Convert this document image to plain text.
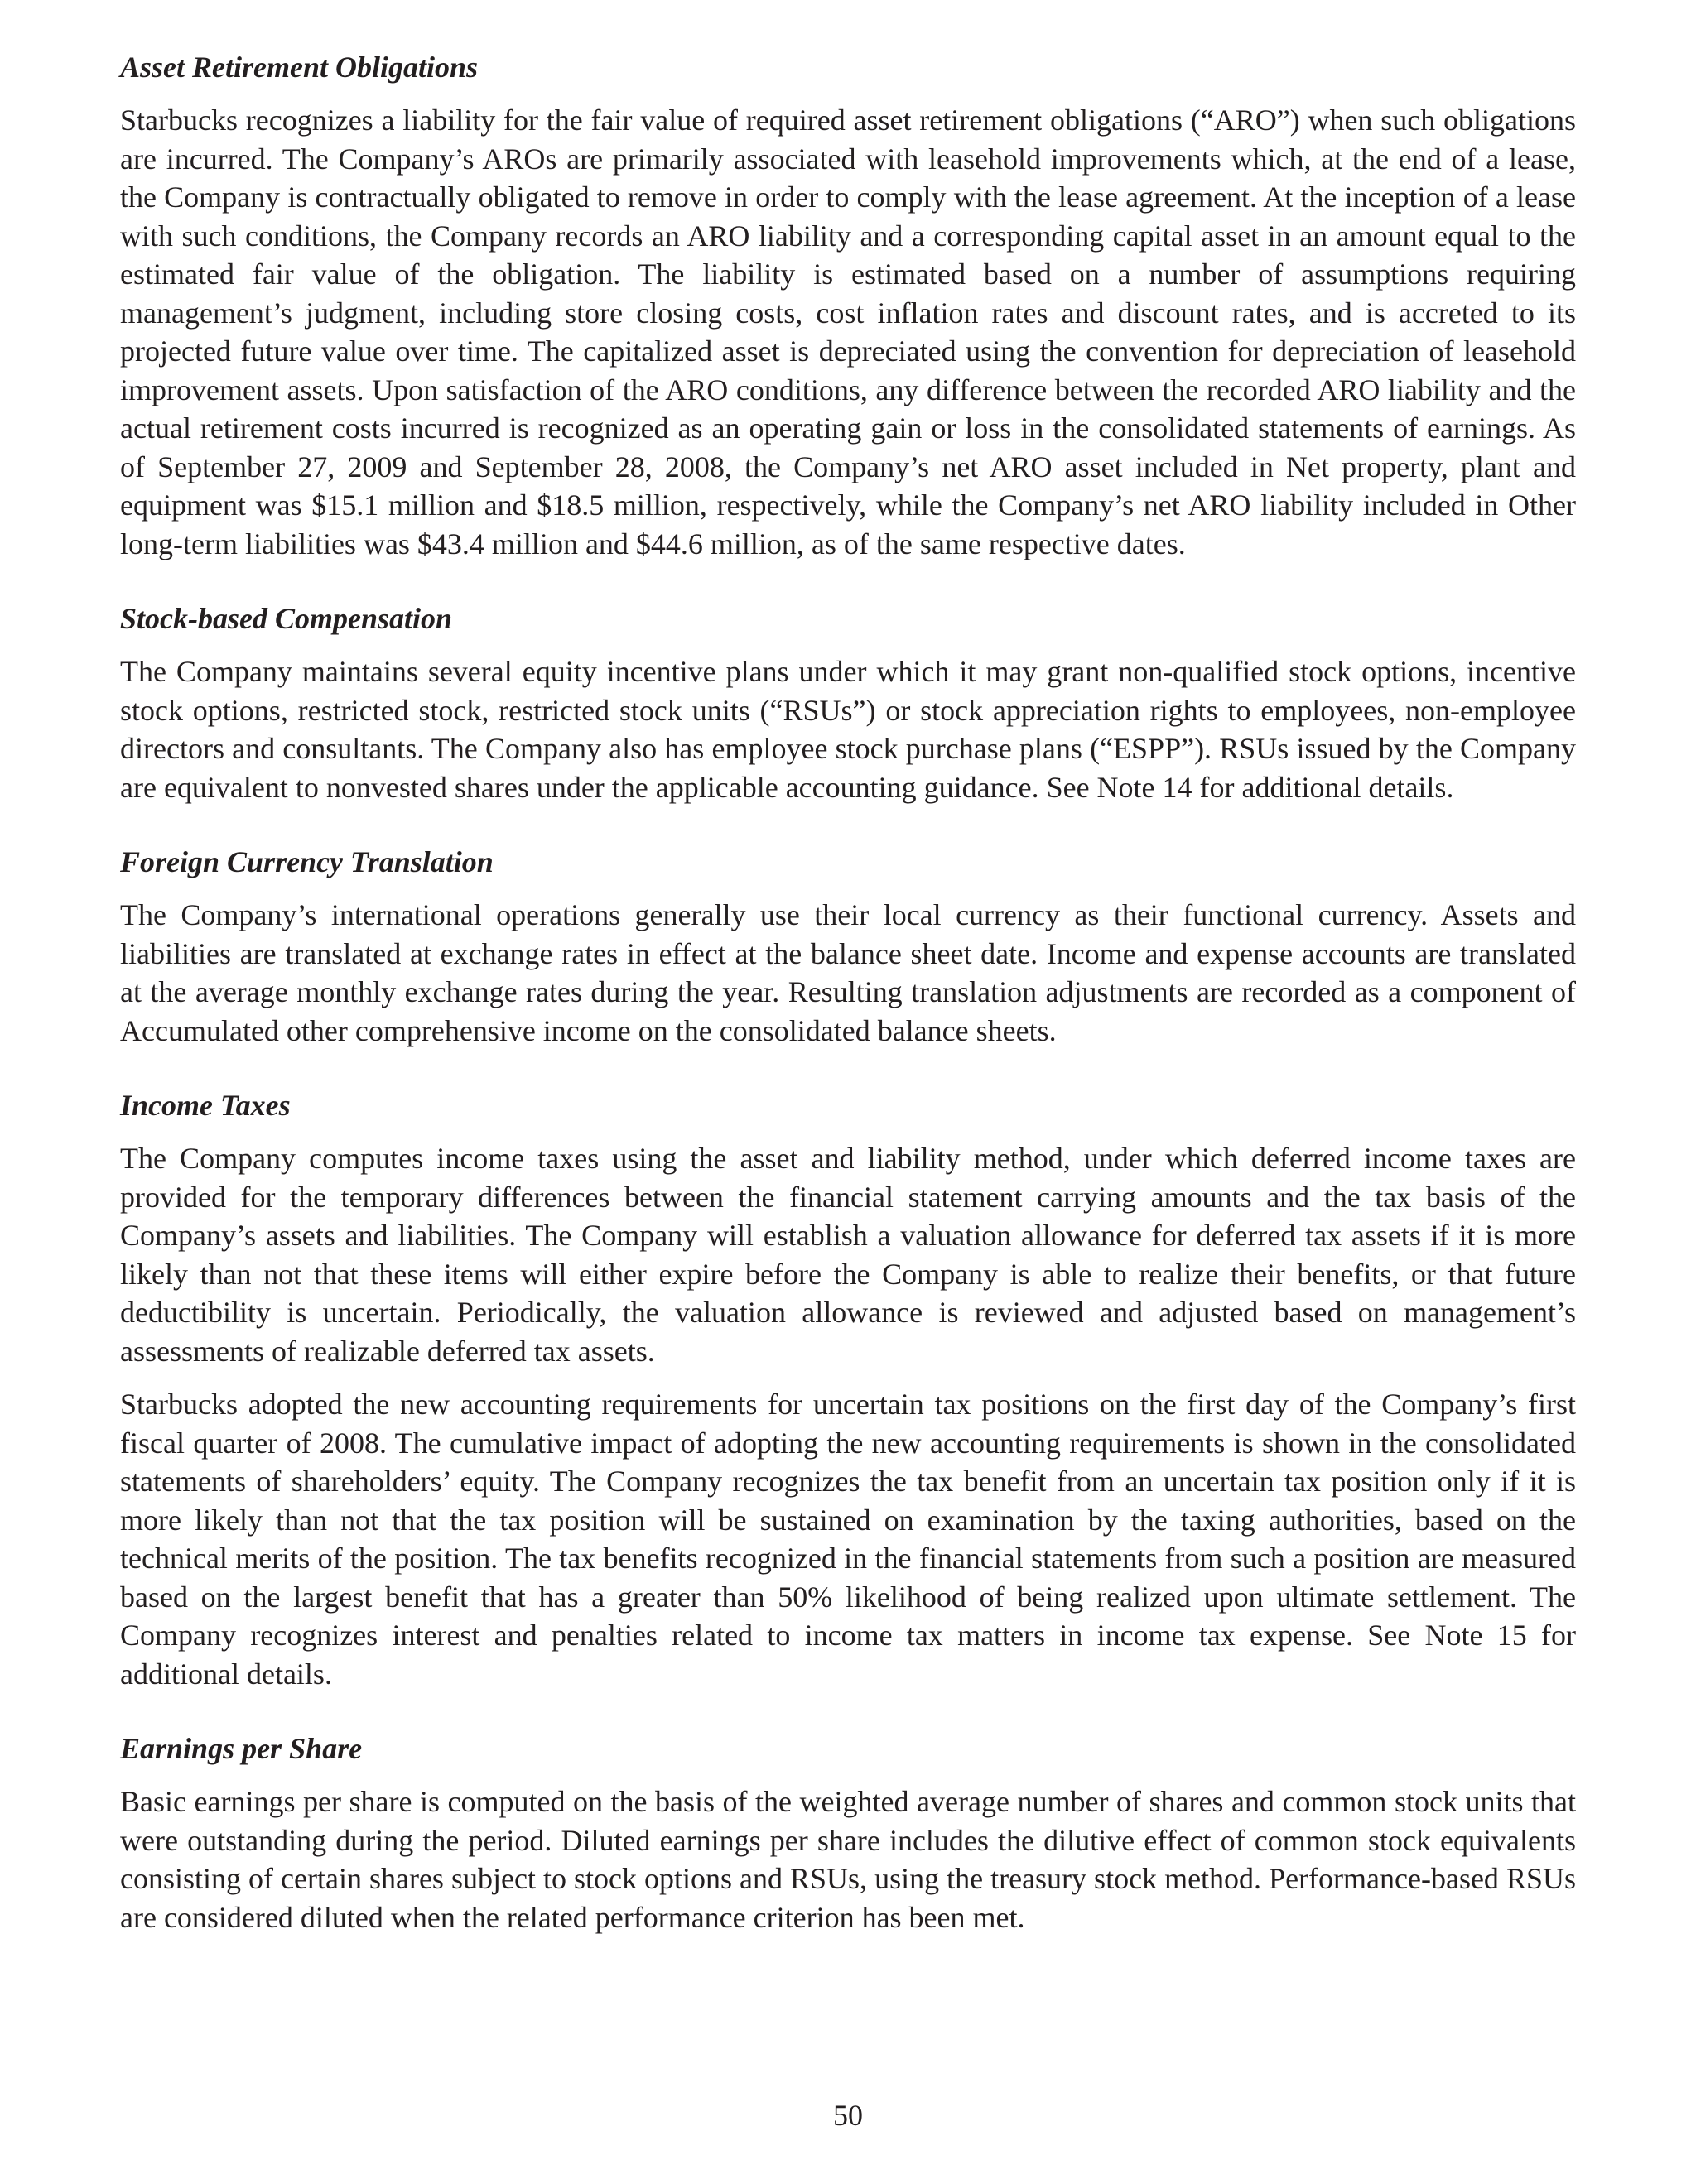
Asset Retirement Obligations

Starbucks recognizes a liability for the fair value of required asset retirement obligations (“ARO”) when such obligations are incurred. The Company’s AROs are primarily associated with leasehold improvements which, at the end of a lease, the Company is contractually obligated to remove in order to comply with the lease agreement. At the inception of a lease with such conditions, the Company records an ARO liability and a corresponding capital asset in an amount equal to the estimated fair value of the obligation. The liability is estimated based on a number of assumptions requiring management’s judgment, including store closing costs, cost inflation rates and discount rates, and is accreted to its projected future value over time. The capitalized asset is depreciated using the convention for depreciation of leasehold improvement assets. Upon satisfaction of the ARO conditions, any difference between the recorded ARO liability and the actual retirement costs incurred is recognized as an operating gain or loss in the consolidated statements of earnings. As of September 27, 2009 and September 28, 2008, the Company’s net ARO asset included in Net property, plant and equipment was $15.1 million and $18.5 million, respectively, while the Company’s net ARO liability included in Other long-term liabilities was $43.4 million and $44.6 million, as of the same respective dates.

Stock-based Compensation

The Company maintains several equity incentive plans under which it may grant non-qualified stock options, incentive stock options, restricted stock, restricted stock units (“RSUs”) or stock appreciation rights to employees, non-employee directors and consultants. The Company also has employee stock purchase plans (“ESPP”). RSUs issued by the Company are equivalent to nonvested shares under the applicable accounting guidance. See Note 14 for additional details.

Foreign Currency Translation

The Company’s international operations generally use their local currency as their functional currency. Assets and liabilities are translated at exchange rates in effect at the balance sheet date. Income and expense accounts are translated at the average monthly exchange rates during the year. Resulting translation adjustments are recorded as a component of Accumulated other comprehensive income on the consolidated balance sheets.

Income Taxes

The Company computes income taxes using the asset and liability method, under which deferred income taxes are provided for the temporary differences between the financial statement carrying amounts and the tax basis of the Company’s assets and liabilities. The Company will establish a valuation allowance for deferred tax assets if it is more likely than not that these items will either expire before the Company is able to realize their benefits, or that future deductibility is uncertain. Periodically, the valuation allowance is reviewed and adjusted based on management’s assessments of realizable deferred tax assets.

Starbucks adopted the new accounting requirements for uncertain tax positions on the first day of the Company’s first fiscal quarter of 2008. The cumulative impact of adopting the new accounting requirements is shown in the consolidated statements of shareholders’ equity. The Company recognizes the tax benefit from an uncertain tax position only if it is more likely than not that the tax position will be sustained on examination by the taxing authorities, based on the technical merits of the position. The tax benefits recognized in the financial statements from such a position are measured based on the largest benefit that has a greater than 50% likelihood of being realized upon ultimate settlement. The Company recognizes interest and penalties related to income tax matters in income tax expense. See Note 15 for additional details.

Earnings per Share

Basic earnings per share is computed on the basis of the weighted average number of shares and common stock units that were outstanding during the period. Diluted earnings per share includes the dilutive effect of common stock equivalents consisting of certain shares subject to stock options and RSUs, using the treasury stock method. Performance-based RSUs are considered diluted when the related performance criterion has been met.

50
